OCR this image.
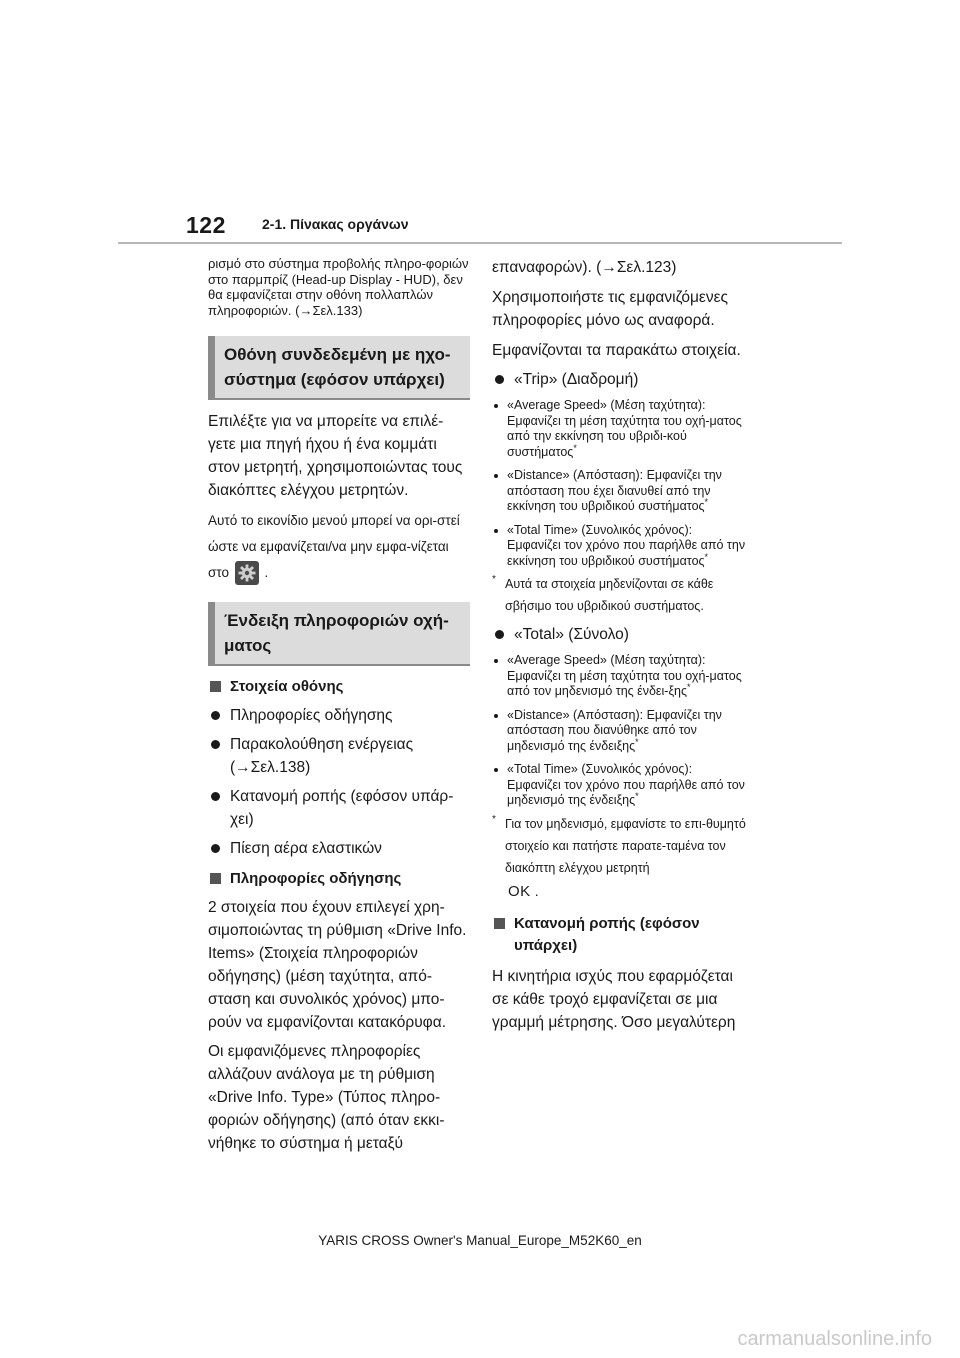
122	2-1. Πίνακας οργάνων

ρισμό στο σύστημα προβολής πληρο-φοριών στο παρμπρίζ (Head-up Display - HUD), δεν θα εμφανίζεται στην οθόνη πολλαπλών πληροφοριών. (→Σελ.133)

Οθόνη συνδεδεμένη με ηχο-σύστημα (εφόσον υπάρχει)

Επιλέξτε για να μπορείτε να επιλέ-γετε μια πηγή ήχου ή ένα κομμάτι στον μετρητή, χρησιμοποιώντας τους διακόπτες ελέγχου μετρητών.

Αυτό το εικονίδιο μενού μπορεί να ορι-στεί ώστε να εμφανίζεται/να μην εμφα-νίζεται στο	.

Ένδειξη πληροφοριών οχή-ματος
Στοιχεία οθόνης
Πληροφορίες οδήγησης
Παρακολούθηση ενέργειας (→Σελ.138)
Κατανομή ροπής (εφόσον υπάρ-χει)
Πίεση αέρα ελαστικών
Πληροφορίες οδήγησης

2 στοιχεία που έχουν επιλεγεί χρη-σιμοποιώντας τη ρύθμιση «Drive Info. Items» (Στοιχεία πληροφοριών οδήγησης) (μέση ταχύτητα, από-σταση και συνολικός χρόνος) μπο-ρούν να εμφανίζονται κατακόρυφα.

Οι εμφανιζόμενες πληροφορίες αλλάζουν ανάλογα με τη ρύθμιση «Drive Info. Type» (Τύπος πληρο-φοριών οδήγησης) (από όταν εκκι-νήθηκε το σύστημα ή μεταξύ

επαναφορών). (→Σελ.123)

Χρησιμοποιήστε τις εμφανιζόμενες πληροφορίες μόνο ως αναφορά.

Εμφανίζονται τα παρακάτω στοιχεία.

«Trip» (Διαδρομή)
«Average Speed» (Μέση ταχύτητα): Εμφανίζει τη μέση ταχύτητα του οχή-ματος από την εκκίνηση του υβριδι-κού συστήματος*
«Distance» (Απόσταση): Εμφανίζει την απόσταση που έχει διανυθεί από την εκκίνηση του υβριδικού συστήματος*
«Total Time» (Συνολικός χρόνος): Εμφανίζει τον χρόνο που παρήλθε από την εκκίνηση του υβριδικού συστήματος*
* Αυτά τα στοιχεία μηδενίζονται σε κάθε σβήσιμο του υβριδικού συστήματος.
«Total» (Σύνολο)
«Average Speed» (Μέση ταχύτητα): Εμφανίζει τη μέση ταχύτητα του οχή-ματος από τον μηδενισμό της ένδει-ξης*
«Distance» (Απόσταση): Εμφανίζει την απόσταση που διανύθηκε από τον μηδενισμό της ένδειξης*
«Total Time» (Συνολικός χρόνος): Εμφανίζει τον χρόνο που παρήλθε από τον μηδενισμό της ένδειξης*
* Για τον μηδενισμό, εμφανίστε το επι-θυμητό στοιχείο και πατήστε παρατε-ταμένα τον διακόπτη ελέγχου μετρητή
OK .
Κατανομή ροπής (εφόσον υπάρχει)

Η κινητήρια ισχύς που εφαρμόζεται σε κάθε τροχό εμφανίζεται σε μια γραμμή μέτρησης. Όσο μεγαλύτερη

YARIS CROSS Owner's Manual_Europe_M52K60_en
carmanualsonline.info
